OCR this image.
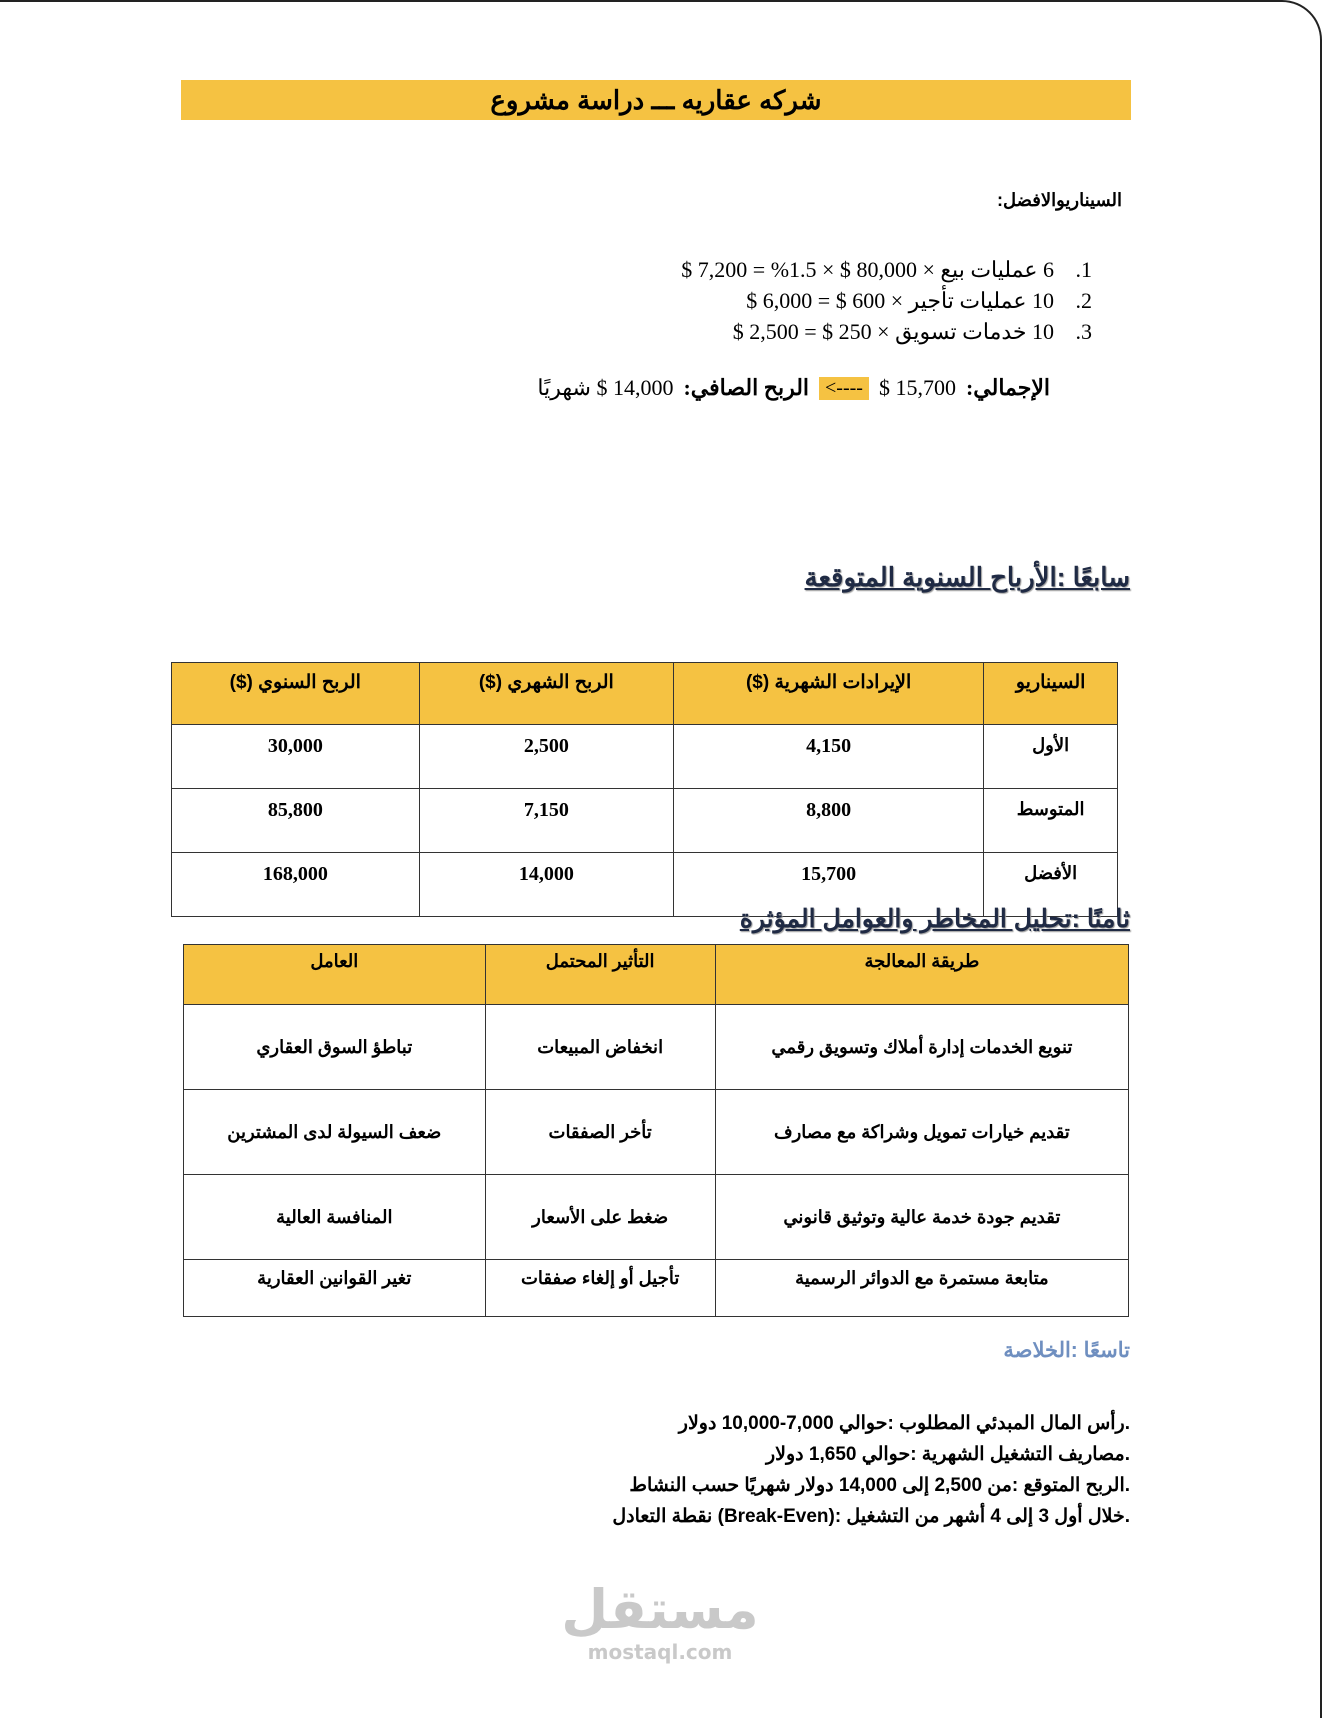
شركه عقاريه ـــ دراسة مشروع
السيناريوالافضل:
1.
6 عمليات بيع × 80,000 $ × 1.5% = 7,200 $
2.
10 عمليات تأجير × 600 $ = 6,000 $
3.
10 خدمات تسويق × 250 $ = 2,500 $
الإجمالي:
15,700 $
<----
الربح الصافي:
14,000 $ شهريًا
سابعًا :الأرباح السنوية المتوقعة
السيناريو	الإيرادات الشهرية ($)	الربح الشهري ($)	الربح السنوي ($)
الأول	4,150	2,500	30,000
المتوسط	8,800	7,150	85,800
الأفضل	15,700	14,000	168,000
ثامنًا :تحليل المخاطر والعوامل المؤثرة
العامل	التأثير المحتمل	طريقة المعالجة
تباطؤ السوق العقاري	انخفاض المبيعات	تنويع الخدمات إدارة أملاك وتسويق رقمي
ضعف السيولة لدى المشترين	تأخر الصفقات	تقديم خيارات تمويل وشراكة مع مصارف
المنافسة العالية	ضغط على الأسعار	تقديم جودة خدمة عالية وتوثيق قانوني
تغير القوانين العقارية	تأجيل أو إلغاء صفقات	متابعة مستمرة مع الدوائر الرسمية
تاسعًا :الخلاصة
.رأس المال المبدئي المطلوب :حوالي 7,000-10,000 دولار
.مصاريف التشغيل الشهرية :حوالي 1,650 دولار
.الربح المتوقع :من 2,500 إلى 14,000 دولار شهريًا حسب النشاط
.خلال أول 3 إلى 4 أشهر من التشغيل :(Break-Even) نقطة التعادل
مستقل
mostaql.com
